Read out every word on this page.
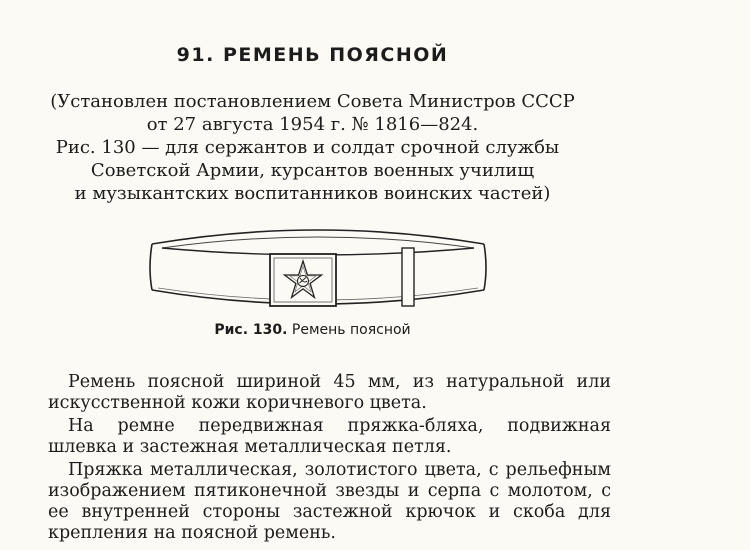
91. РЕМЕНЬ ПОЯСНОЙ
(Установлен постановлением Совета Министров СССР
от 27 августа 1954 г. № 1816—824.
Рис. 130 — для сержантов и солдат срочной службы
Советской Армии, курсантов военных училищ
и музыкантских воспитанников воинских частей)
Рис. 130. Ремень поясной

Ремень поясной шириной 45 мм, из натуральной или искусственной кожи коричневого цвета.

На ремне передвижная пряжка-бляха, подвижная шлевка и застежная металлическая петля.

Пряжка металлическая, золотистого цвета, с рельефным изображением пятиконечной звезды и серпа с молотом, с ее внутренней стороны застежной крючок и скоба для крепления на поясной ремень.
